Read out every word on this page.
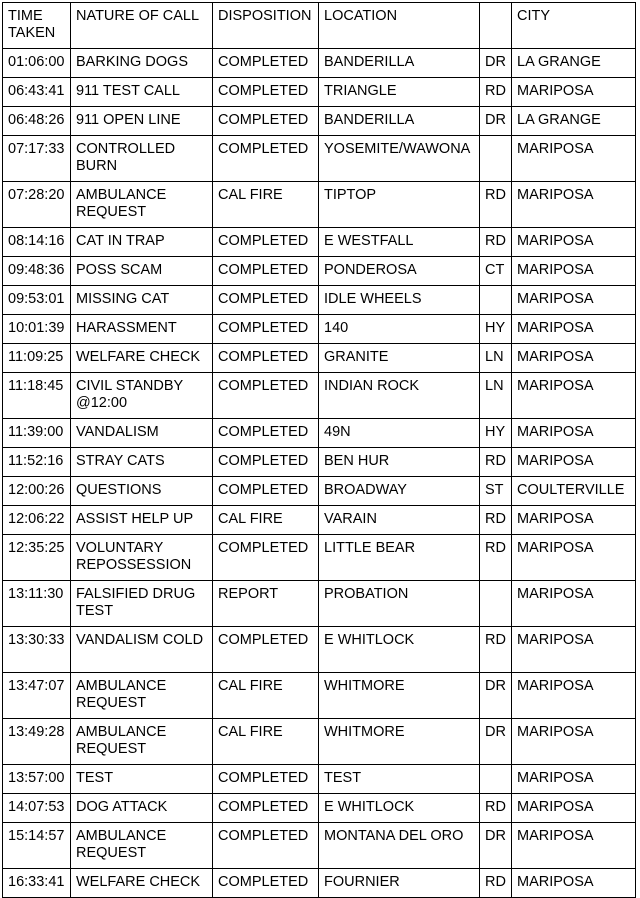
TIME TAKEN	NATURE OF CALL	DISPOSITION	LOCATION		CITY
01:06:00	BARKING DOGS	COMPLETED	BANDERILLA	DR	LA GRANGE
06:43:41	911 TEST CALL	COMPLETED	TRIANGLE	RD	MARIPOSA
06:48:26	911 OPEN LINE	COMPLETED	BANDERILLA	DR	LA GRANGE
07:17:33	CONTROLLED BURN	COMPLETED	YOSEMITE/WAWONA		MARIPOSA
07:28:20	AMBULANCE REQUEST	CAL FIRE	TIPTOP	RD	MARIPOSA
08:14:16	CAT IN TRAP	COMPLETED	E WESTFALL	RD	MARIPOSA
09:48:36	POSS SCAM	COMPLETED	PONDEROSA	CT	MARIPOSA
09:53:01	MISSING CAT	COMPLETED	IDLE WHEELS		MARIPOSA
10:01:39	HARASSMENT	COMPLETED	140	HY	MARIPOSA
11:09:25	WELFARE CHECK	COMPLETED	GRANITE	LN	MARIPOSA
11:18:45	CIVIL STANDBY @12:00	COMPLETED	INDIAN ROCK	LN	MARIPOSA
11:39:00	VANDALISM	COMPLETED	49N	HY	MARIPOSA
11:52:16	STRAY CATS	COMPLETED	BEN HUR	RD	MARIPOSA
12:00:26	QUESTIONS	COMPLETED	BROADWAY	ST	COULTERVILLE
12:06:22	ASSIST HELP UP	CAL FIRE	VARAIN	RD	MARIPOSA
12:35:25	VOLUNTARY REPOSSESSION	COMPLETED	LITTLE BEAR	RD	MARIPOSA
13:11:30	FALSIFIED DRUG TEST	REPORT	PROBATION		MARIPOSA
13:30:33	VANDALISM COLD	COMPLETED	E WHITLOCK	RD	MARIPOSA
13:47:07	AMBULANCE REQUEST	CAL FIRE	WHITMORE	DR	MARIPOSA
13:49:28	AMBULANCE REQUEST	CAL FIRE	WHITMORE	DR	MARIPOSA
13:57:00	TEST	COMPLETED	TEST		MARIPOSA
14:07:53	DOG ATTACK	COMPLETED	E WHITLOCK	RD	MARIPOSA
15:14:57	AMBULANCE REQUEST	COMPLETED	MONTANA DEL ORO	DR	MARIPOSA
16:33:41	WELFARE CHECK	COMPLETED	FOURNIER	RD	MARIPOSA
